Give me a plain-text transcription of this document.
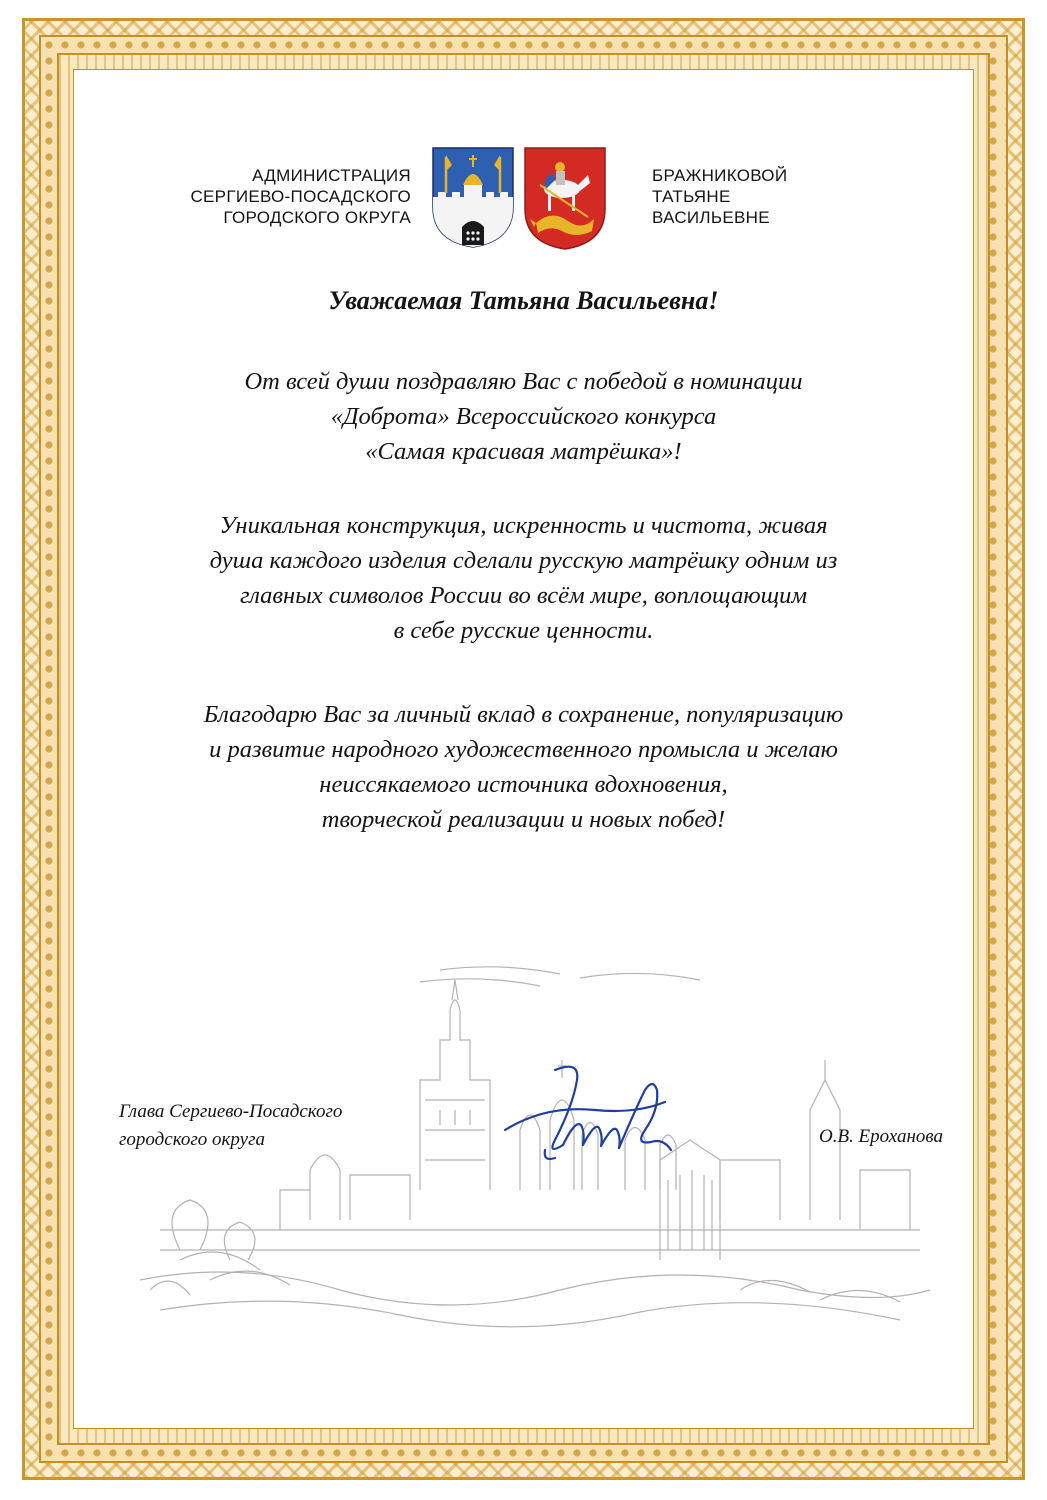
АДМИНИСТРАЦИЯ
СЕРГИЕВО-ПОСАДСКОГО
ГОРОДСКОГО ОКРУГА
БРАЖНИКОВОЙ
ТАТЬЯНЕ
ВАСИЛЬЕВНЕ
Уважаемая Татьяна Васильевна!
От всей души поздравляю Вас с победой в номинации
«Доброта» Всероссийского конкурса
«Самая красивая матрёшка»!
Уникальная конструкция, искренность и чистота, живая
душа каждого изделия сделали русскую матрёшку одним из
главных символов России во всём мире, воплощающим
в себе русские ценности.
Благодарю Вас за личный вклад в сохранение, популяризацию
и развитие народного художественного промысла и желаю
неиссякаемого источника вдохновения,
творческой реализации и новых побед!
Глава Сергиево-Посадского
городского округа	О.В. Ероханова
